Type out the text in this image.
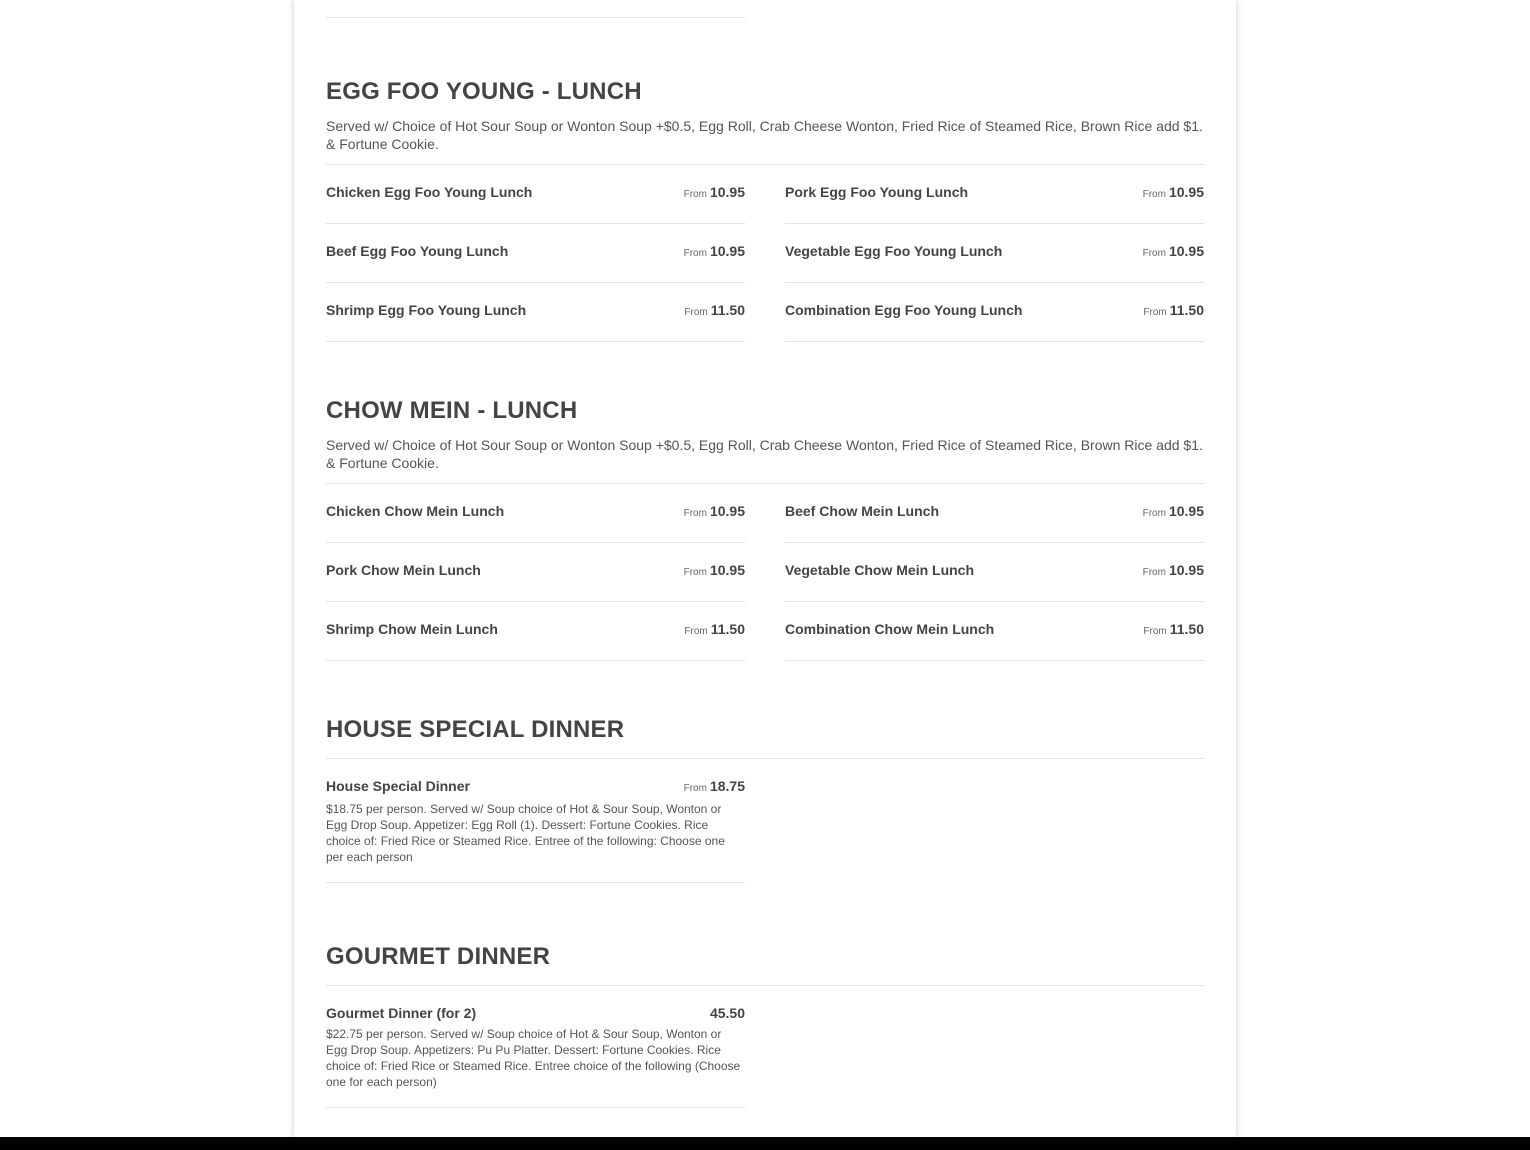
EGG FOO YOUNG - LUNCH

Served w/ Choice of Hot Sour Soup or Wonton Soup +$0.5, Egg Roll, Crab Cheese Wonton, Fried Rice of Steamed Rice, Brown Rice add $1. & Fortune Cookie.

Chicken Egg Foo Young Lunch	From 10.95	Pork Egg Foo Young Lunch	From 10.95
Beef Egg Foo Young Lunch	From 10.95	Vegetable Egg Foo Young Lunch	From 10.95
Shrimp Egg Foo Young Lunch	From 11.50	Combination Egg Foo Young Lunch	From 11.50
CHOW MEIN - LUNCH

Served w/ Choice of Hot Sour Soup or Wonton Soup +$0.5, Egg Roll, Crab Cheese Wonton, Fried Rice of Steamed Rice, Brown Rice add $1. & Fortune Cookie.

Chicken Chow Mein Lunch	From 10.95	Beef Chow Mein Lunch	From 10.95
Pork Chow Mein Lunch	From 10.95	Vegetable Chow Mein Lunch	From 10.95
Shrimp Chow Mein Lunch	From 11.50	Combination Chow Mein Lunch	From 11.50
HOUSE SPECIAL DINNER
House Special Dinner	From 18.75
$18.75 per person. Served w/ Soup choice of Hot & Sour Soup, Wonton or Egg Drop Soup. Appetizer: Egg Roll (1). Dessert: Fortune Cookies. Rice choice of: Fried Rice or Steamed Rice. Entree of the following: Choose one per each person
GOURMET DINNER
Gourmet Dinner (for 2)	45.50
$22.75 per person. Served w/ Soup choice of Hot & Sour Soup, Wonton or Egg Drop Soup. Appetizers: Pu Pu Platter. Dessert: Fortune Cookies. Rice choice of: Fried Rice or Steamed Rice. Entree choice of the following (Choose one for each person)
